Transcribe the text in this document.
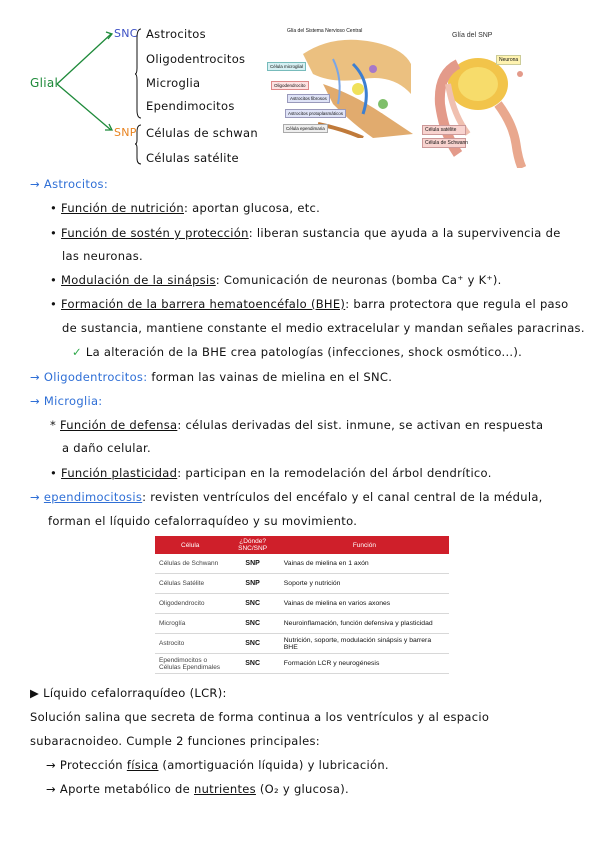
Glial
SNC Astrocitos
Oligodentrocitos
Microglia
Ependimocitos
SNP Células de schwan
Células satélite
Glía del Sistema Nervioso Central
Célula microglial
Oligodendrocito
Astrocitos fibrosos
Astrocitos protoplasmáticos
Célula ependimaria
Glía del SNP
Neurona
Célula satélite
Célula de Schwann
→ Astrocitos:
• Función de nutrición: aportan glucosa, etc.
• Función de sostén y protección: liberan sustancia que ayuda a la supervivencia de
las neuronas.
• Modulación de la sinápsis: Comunicación de neuronas (bomba Ca⁺ y K⁺).
• Formación de la barrera hematoencéfalo (BHE): barra protectora que regula el paso
de sustancia, mantiene constante el medio extracelular y mandan señales paracrinas.
✓ La alteración de la BHE crea patologías (infecciones, shock osmótico...).
→ Oligodentrocitos: forman las vainas de mielina en el SNC.
→ Microglia:
* Función de defensa: células derivadas del sist. inmune, se activan en respuesta
a daño celular.
• Función plasticidad: participan en la remodelación del árbol dendrítico.
→ ependimocitosis: revisten ventrículos del encéfalo y el canal central de la médula,
forman el líquido cefalorraquídeo y su movimiento.
Célula	¿Dónde? SNC/SNP	Función
Células de Schwann	SNP	Vainas de mielina en 1 axón
Células Satélite	SNP	Soporte y nutrición
Oligodendrocito	SNC	Vainas de mielina en varios axones
Microglía	SNC	Neuroinflamación, función defensiva y plasticidad
Astrocito	SNC	Nutrición, soporte, modulación sinápsis y barrera BHE
Ependimocitos o Células Ependimales	SNC	Formación LCR y neurogénesis
▶ Líquido cefalorraquídeo (LCR):
Solución salina que secreta de forma continua a los ventrículos y al espacio
subaracnoideo. Cumple 2 funciones principales:
→ Protección física (amortiguación líquida) y lubricación.
→ Aporte metabólico de nutrientes (O₂ y glucosa).
